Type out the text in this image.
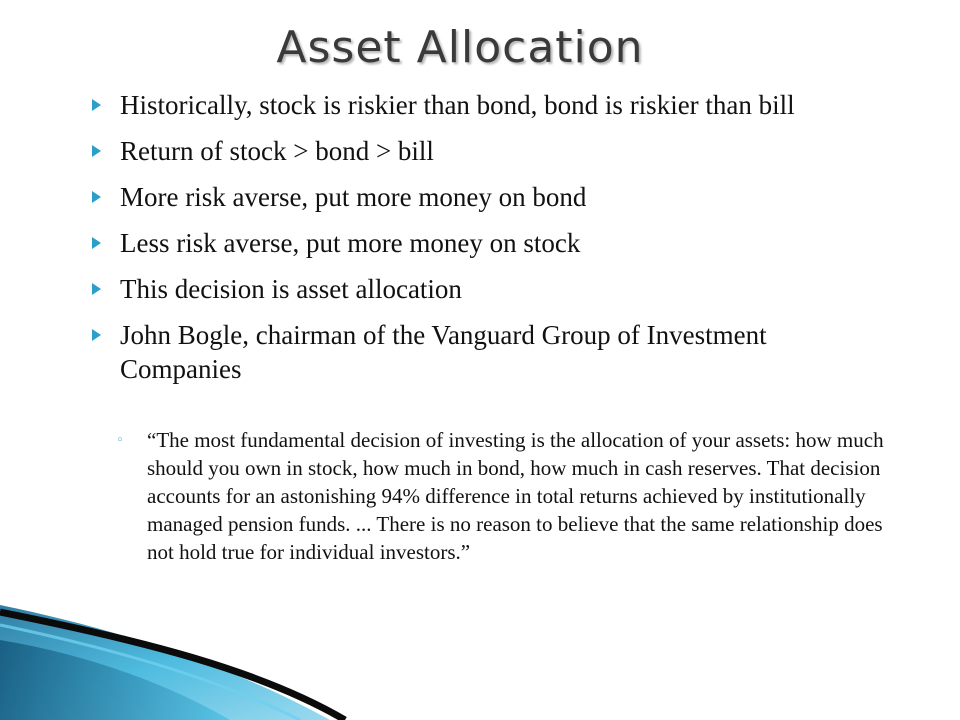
Asset Allocation
Historically, stock is riskier than bond, bond is riskier than bill
Return of stock > bond > bill
More risk averse, put more money on bond
Less risk averse, put more money on stock
This decision is asset allocation
John Bogle, chairman of the Vanguard Group of Investment Companies
◦ “The most fundamental decision of investing is the allocation of your assets: how much should you own in stock, how much in bond, how much in cash reserves. That decision accounts for an astonishing 94% difference in total returns achieved by institutionally managed pension funds. ... There is no reason to believe that the same relationship does not hold true for individual investors.”
